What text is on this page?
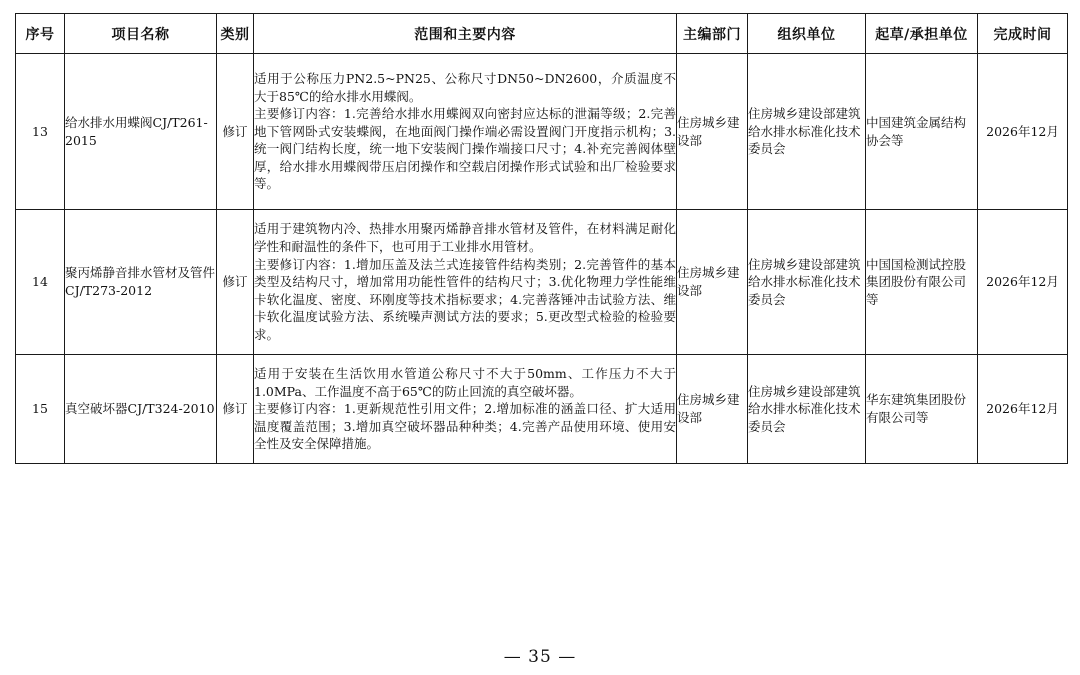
序号	项目名称	类别	范围和主要内容	主编部门	组织单位	起草/承担单位	完成时间
13	给水排水用蝶阀CJ/T261-2015	修订	适用于公称压力PN2.5~PN25、公称尺寸DN50~DN2600，介质温度不大于85℃的给水排水用蝶阀。
主要修订内容：1.完善给水排水用蝶阀双向密封应达标的泄漏等级；2.完善地下管网卧式安装蝶阀，在地面阀门操作端必需设置阀门开度指示机构；3.统一阀门结构长度，统一地下安装阀门操作端接口尺寸；4.补充完善阀体壁厚，给水排水用蝶阀带压启闭操作和空载启闭操作形式试验和出厂检验要求等。	住房城乡建设部	住房城乡建设部建筑给水排水标准化技术委员会	中国建筑金属结构协会等	2026年12月
14	聚丙烯静音排水管材及管件CJ/T273-2012	修订	适用于建筑物内冷、热排水用聚丙烯静音排水管材及管件，在材料满足耐化学性和耐温性的条件下，也可用于工业排水用管材。
主要修订内容：1.增加压盖及法兰式连接管件结构类别；2.完善管件的基本类型及结构尺寸，增加常用功能性管件的结构尺寸；3.优化物理力学性能维卡软化温度、密度、环刚度等技术指标要求；4.完善落锤冲击试验方法、维卡软化温度试验方法、系统噪声测试方法的要求；5.更改型式检验的检验要求。	住房城乡建设部	住房城乡建设部建筑给水排水标准化技术委员会	中国国检测试控股集团股份有限公司等	2026年12月
15	真空破坏器CJ/T324-2010	修订	适用于安装在生活饮用水管道公称尺寸不大于50mm、工作压力不大于1.0MPa、工作温度不高于65℃的防止回流的真空破坏器。
主要修订内容：1.更新规范性引用文件；2.增加标准的涵盖口径、扩大适用温度覆盖范围；3.增加真空破坏器品种种类；4.完善产品使用环境、使用安全性及安全保障措施。	住房城乡建设部	住房城乡建设部建筑给水排水标准化技术委员会	华东建筑集团股份有限公司等	2026年12月
— 35 —
